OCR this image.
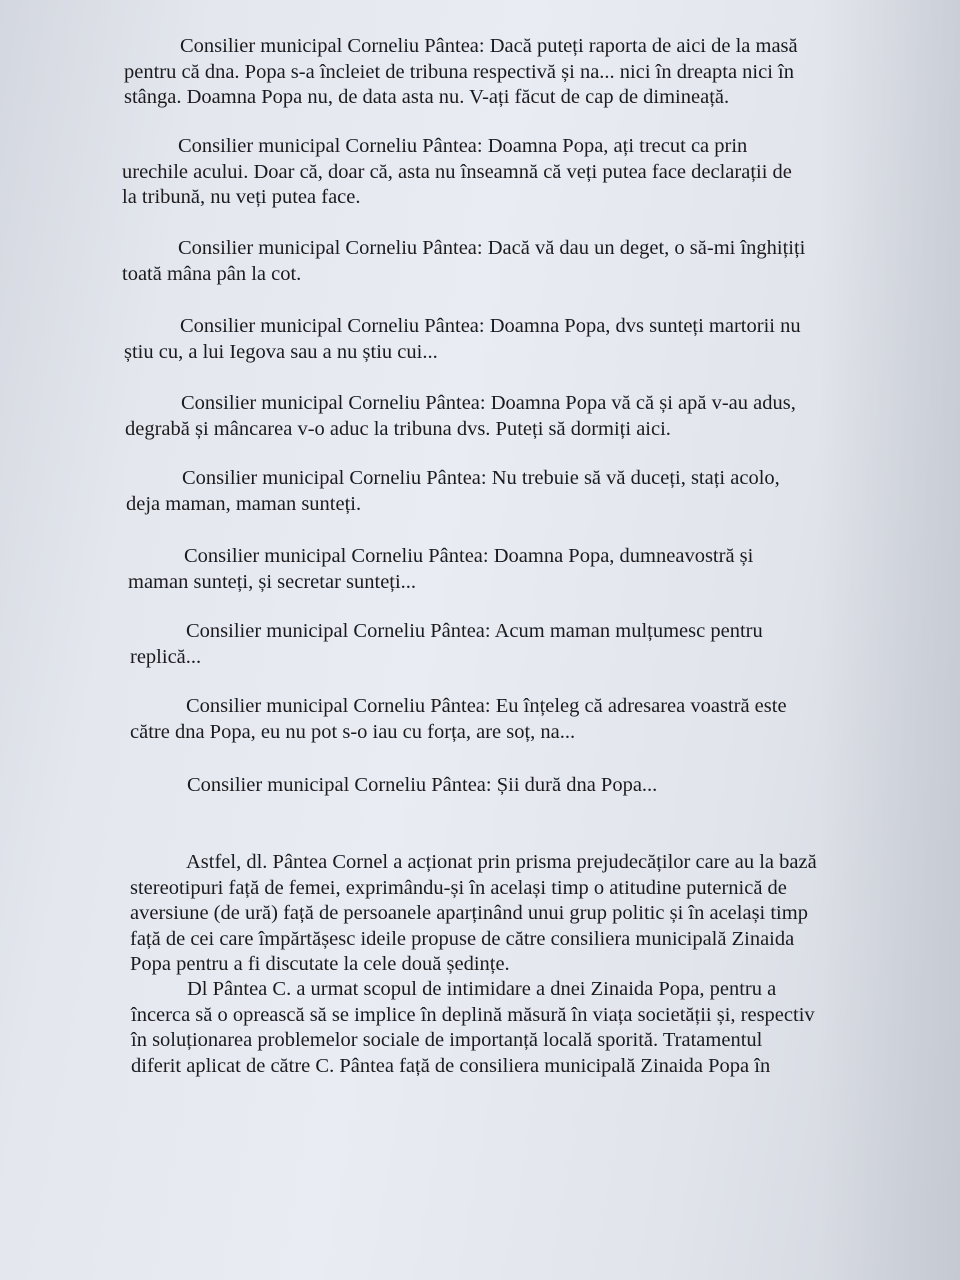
Consilier municipal Corneliu Pântea: Dacă puteți raporta de aici de la masă
pentru că dna. Popa s-a încleiet de tribuna respectivă și na... nici în dreapta nici în
stânga. Doamna Popa nu, de data asta nu. V-ați făcut de cap de dimineață.

Consilier municipal Corneliu Pântea: Doamna Popa, ați trecut ca prin
urechile acului. Doar că, doar că, asta nu înseamnă că veți putea face declarații de
la tribună, nu veți putea face.

Consilier municipal Corneliu Pântea: Dacă vă dau un deget, o să-mi înghițiți
toată mâna pân la cot.

Consilier municipal Corneliu Pântea: Doamna Popa, dvs sunteți martorii nu
știu cu, a lui Iegova sau a nu știu cui...

Consilier municipal Corneliu Pântea: Doamna Popa vă că și apă v-au adus,
degrabă și mâncarea v-o aduc la tribuna dvs. Puteți să dormiți aici.

Consilier municipal Corneliu Pântea: Nu trebuie să vă duceți, stați acolo,
deja maman, maman sunteți.

Consilier municipal Corneliu Pântea: Doamna Popa, dumneavostră și
maman sunteți, și secretar sunteți...

Consilier municipal Corneliu Pântea: Acum maman mulțumesc pentru
replică...

Consilier municipal Corneliu Pântea: Eu înțeleg că adresarea voastră este
către dna Popa, eu nu pot s-o iau cu forța, are soț, na...

Consilier municipal Corneliu Pântea: Șii dură dna Popa...

Astfel, dl. Pântea Cornel a acționat prin prisma prejudecăților care au la bază
stereotipuri față de femei, exprimându-și în același timp o atitudine puternică de
aversiune (de ură) față de persoanele aparținând unui grup politic și în același timp
față de cei care împărtășesc ideile propuse de către consiliera municipală Zinaida
Popa pentru a fi discutate la cele două ședințe.

Dl Pântea C. a urmat scopul de intimidare a dnei Zinaida Popa, pentru a
încerca să o oprească să se implice în deplină măsură în viața societății și, respectiv
în soluționarea problemelor sociale de importanță locală sporită. Tratamentul
diferit aplicat de către C. Pântea față de consiliera municipală Zinaida Popa în
